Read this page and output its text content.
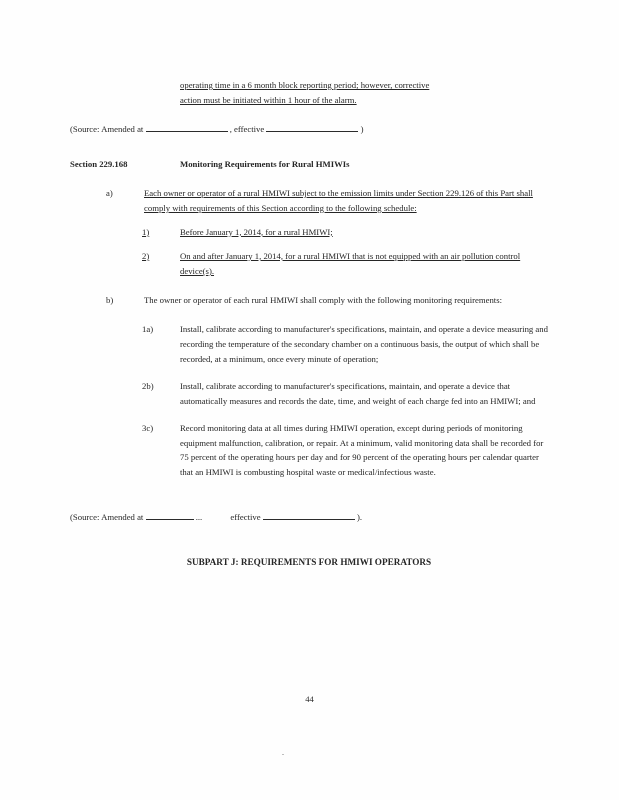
operating time in a 6 month block reporting period; however, corrective
action must be initiated within 1 hour of the alarm.
(Source: Amended at	, effective	)
Section 229.168	Monitoring Requirements for Rural HMIWIs
a)	Each owner or operator of a rural HMIWI subject to the emission limits under Section 229.126 of this Part shall comply with requirements of this Section according to the following schedule:
1)	Before January 1, 2014, for a rural HMIWI;
2)	On and after January 1, 2014, for a rural HMIWI that is not equipped with an air pollution control device(s).
b)	The owner or operator of each rural HMIWI shall comply with the following monitoring requirements:
1a)	Install, calibrate according to manufacturer's specifications, maintain, and operate a device measuring and recording the temperature of the secondary chamber on a continuous basis, the output of which shall be recorded, at a minimum, once every minute of operation;
2b)	Install, calibrate according to manufacturer's specifications, maintain, and operate a device that automatically measures and records the date, time, and weight of each charge fed into an HMIWI; and
3c)	Record monitoring data at all times during HMIWI operation, except during periods of monitoring equipment malfunction, calibration, or repair. At a minimum, valid monitoring data shall be recorded for 75 percent of the operating hours per day and for 90 percent of the operating hours per calendar quarter that an HMIWI is combusting hospital waste or medical/infectious waste.
(Source: Amended at	...	effective	).
SUBPART J: REQUIREMENTS FOR HMIWI OPERATORS
44
.
